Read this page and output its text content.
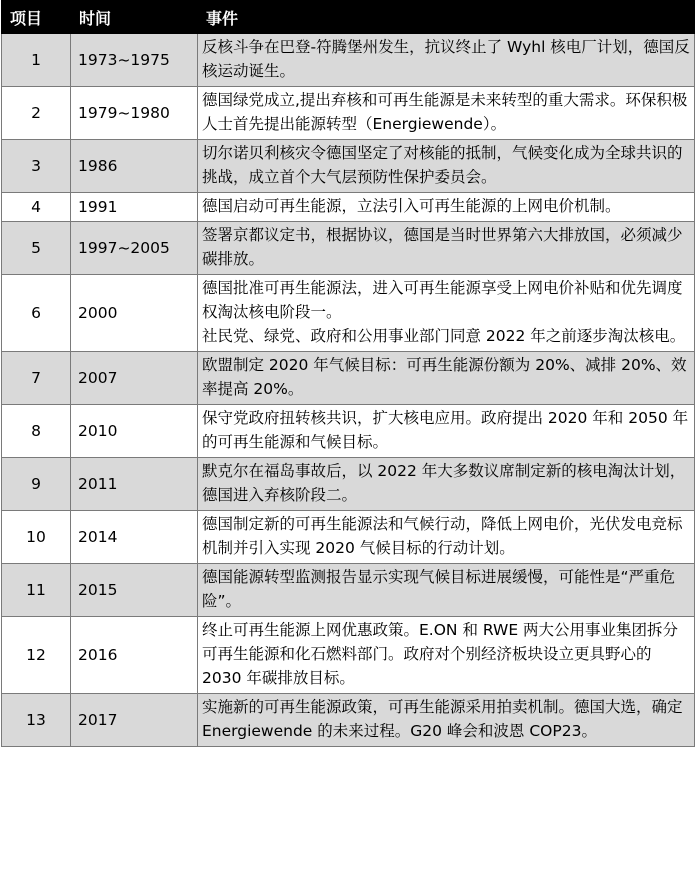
项目	时间	事件
1	1973~1975	反核斗争在巴登-符腾堡州发生，抗议终止了 Wyhl 核电厂计划，德国反核运动诞生。

2	1979~1980	德国绿党成立,提出弃核和可再生能源是未来转型的重大需求。环保积极人士首先提出能源转型（Energiewende）。

3	1986	切尔诺贝利核灾令德国坚定了对核能的抵制，气候变化成为全球共识的挑战，成立首个大气层预防性保护委员会。

4	1991	德国启动可再生能源，立法引入可再生能源的上网电价机制。

5	1997~2005	签署京都议定书，根据协议，德国是当时世界第六大排放国，必须减少碳排放。

6	2000	德国批准可再生能源法，进入可再生能源享受上网电价补贴和优先调度权淘汰核电阶段一。

社民党、绿党、政府和公用事业部门同意 2022 年之前逐步淘汰核电。

7	2007	欧盟制定 2020 年气候目标：可再生能源份额为 20%、减排 20%、效率提高 20%。

8	2010	保守党政府扭转核共识，扩大核电应用。政府提出 2020 年和 2050 年的可再生能源和气候目标。

9	2011	默克尔在福岛事故后，以 2022 年大多数议席制定新的核电淘汰计划，德国进入弃核阶段二。

10	2014	德国制定新的可再生能源法和气候行动，降低上网电价，光伏发电竞标机制并引入实现 2020 气候目标的行动计划。

11	2015	德国能源转型监测报告显示实现气候目标进展缓慢，可能性是“严重危险”。

12	2016	终止可再生能源上网优惠政策。E.ON 和 RWE 两大公用事业集团拆分可再生能源和化石燃料部门。政府对个别经济板块设立更具野心的 2030 年碳排放目标。

13	2017	实施新的可再生能源政策，可再生能源采用拍卖机制。德国大选，确定 Energiewende 的未来过程。G20 峰会和波恩 COP23。
